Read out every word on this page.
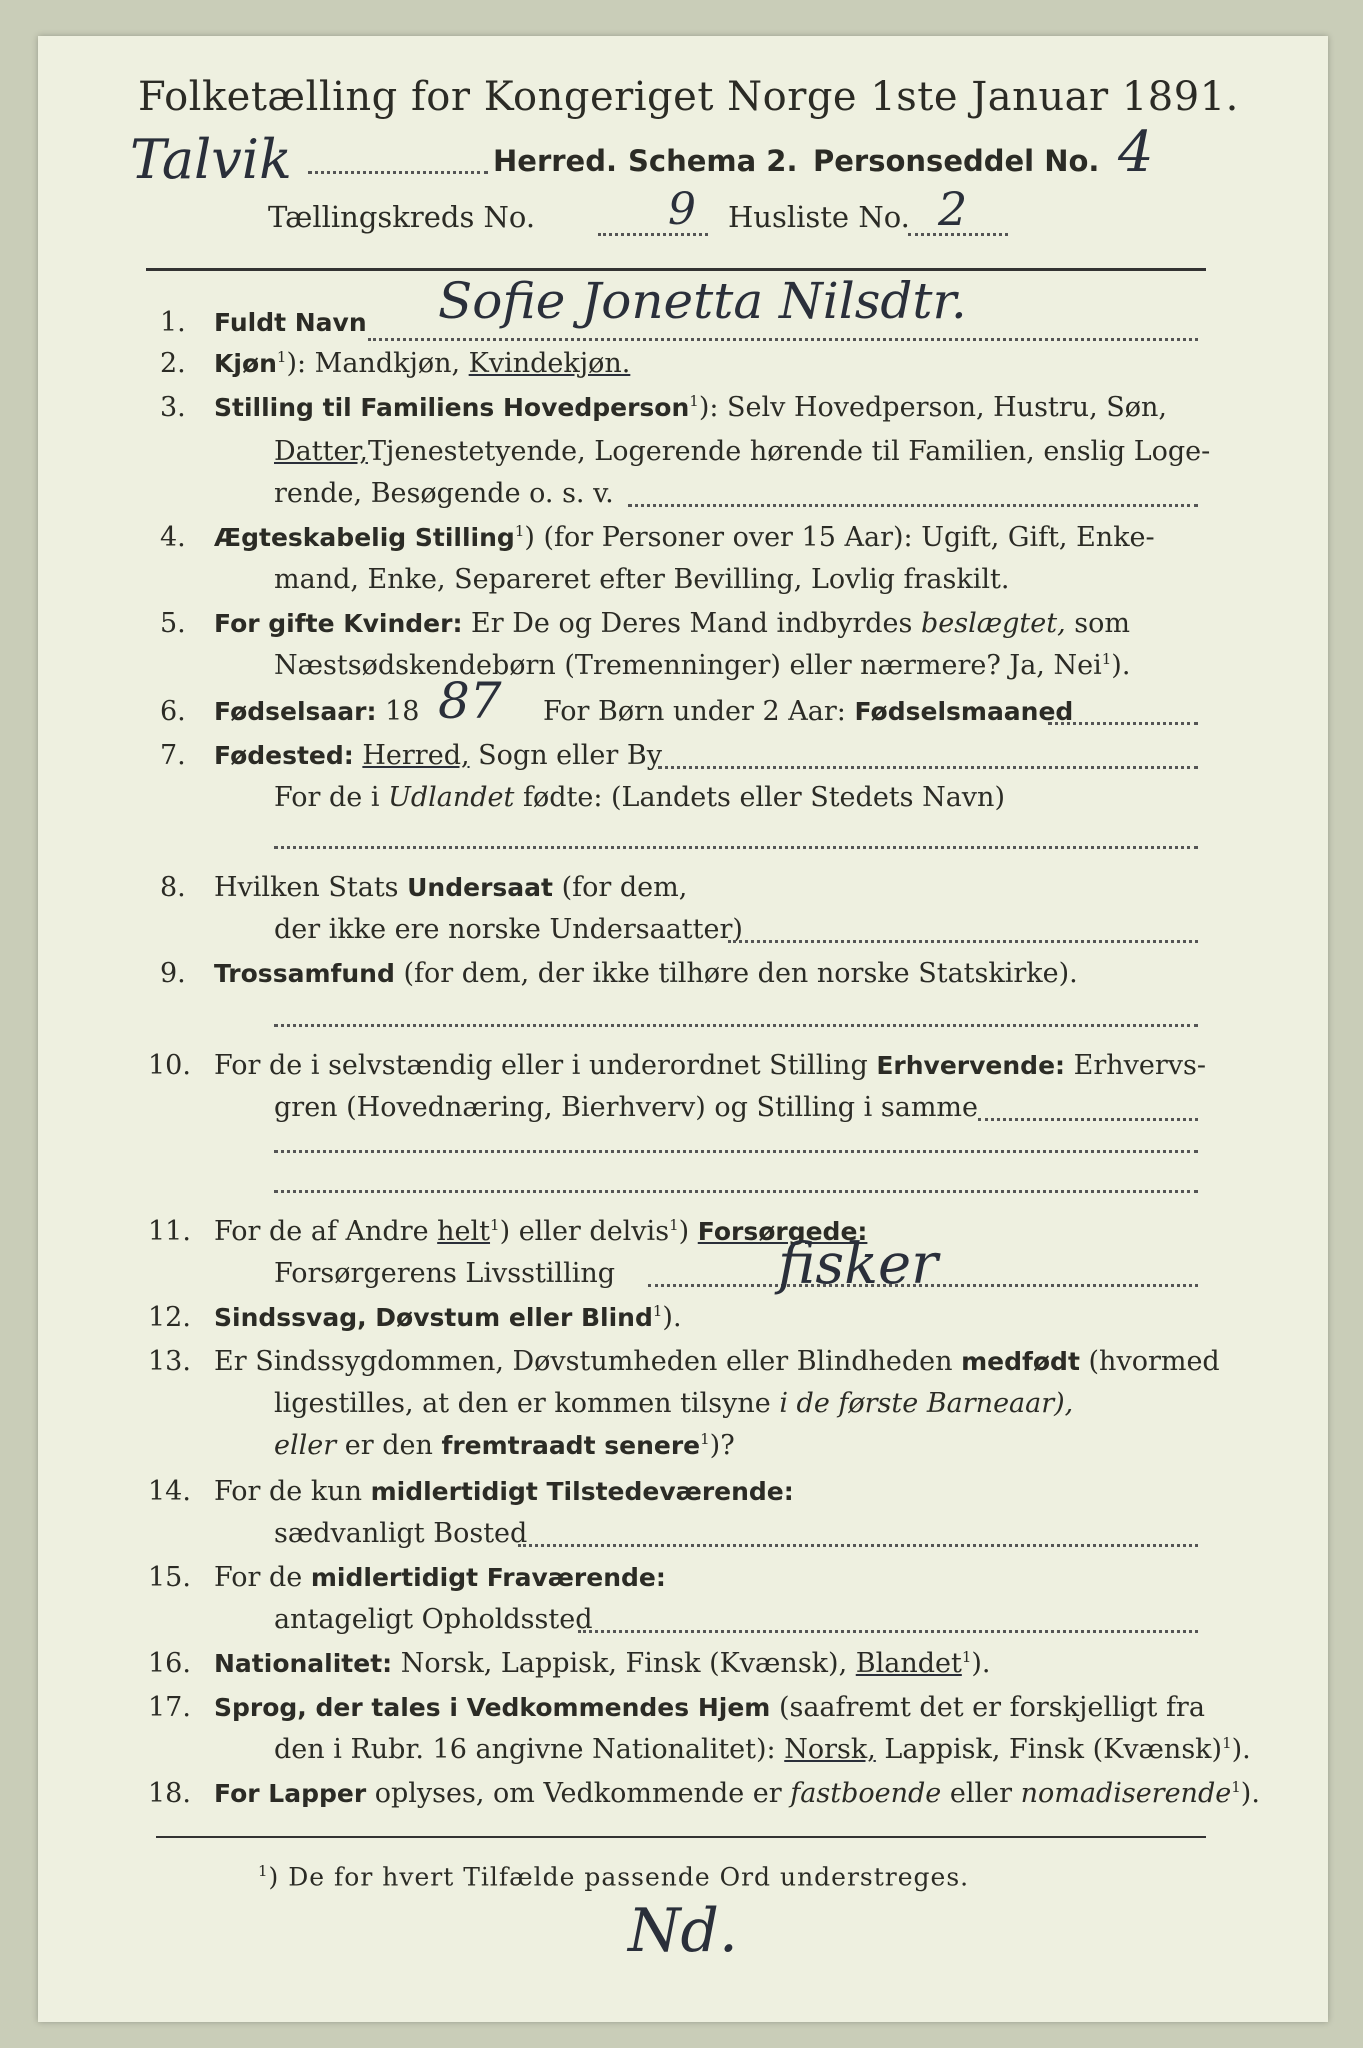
Folketælling for Kongeriget Norge 1ste Januar 1891.
Talvik	Herred. Schema 2. Personseddel No. 4
Tællingskreds No.	9 Husliste No. 2
1. Fuldt Navn Sofie Jonetta Nilsdtr.
2. Kjøn$^1$): Mandkjøn, Kvindekjøn.
3. Stilling til Familiens Hovedperson$^1$): Selv Hovedperson, Hustru, Søn,
Datter,Tjenestetyende, Logerende hørende til Familien, enslig Loge-
rende, Besøgende o. s. v.
4. Ægteskabelig Stilling$^1$) (for Personer over 15 Aar): Ugift, Gift, Enke-
mand, Enke, Separeret efter Bevilling, Lovlig fraskilt.
5. For gifte Kvinder: Er De og Deres Mand indbyrdes beslægtet, som
Næstsødskendebørn (Tremenninger) eller nærmere? Ja, Nei$^1$).
6. Fødselsaar: 18 87 For Børn under 2 Aar: Fødselsmaaned
7. Fødested: Herred, Sogn eller By
For de i Udlandet fødte: (Landets eller Stedets Navn)
8. Hvilken Stats Undersaat (for dem,
der ikke ere norske Undersaatter)
9. Trossamfund (for dem, der ikke tilhøre den norske Statskirke).
10. For de i selvstændig eller i underordnet Stilling Erhvervende: Erhvervs-
gren (Hovednæring, Bierhverv) og Stilling i samme
11. For de af Andre helt$^1$) eller delvis$^1$) Forsørgede:
Forsørgerens Livsstilling	fisker
12. Sindssvag, Døvstum eller Blind$^1$).
13. Er Sindssygdommen, Døvstumheden eller Blindheden medfødt (hvormed
ligestilles, at den er kommen tilsyne i de første Barneaar),
eller er den fremtraadt senere$^1$)?
14. For de kun midlertidigt Tilstedeværende:
sædvanligt Bosted
15. For de midlertidigt Fraværende:
antageligt Opholdssted
16. Nationalitet: Norsk, Lappisk, Finsk (Kvænsk), Blandet$^1$).
17. Sprog, der tales i Vedkommendes Hjem (saafremt det er forskjelligt fra
den i Rubr. 16 angivne Nationalitet): Norsk, Lappisk, Finsk (Kvænsk)$^1$).
18. For Lapper oplyses, om Vedkommende er fastboende eller nomadiserende$^1$).
$^1$) De for hvert Tilfælde passende Ord understreges.
Nd.
